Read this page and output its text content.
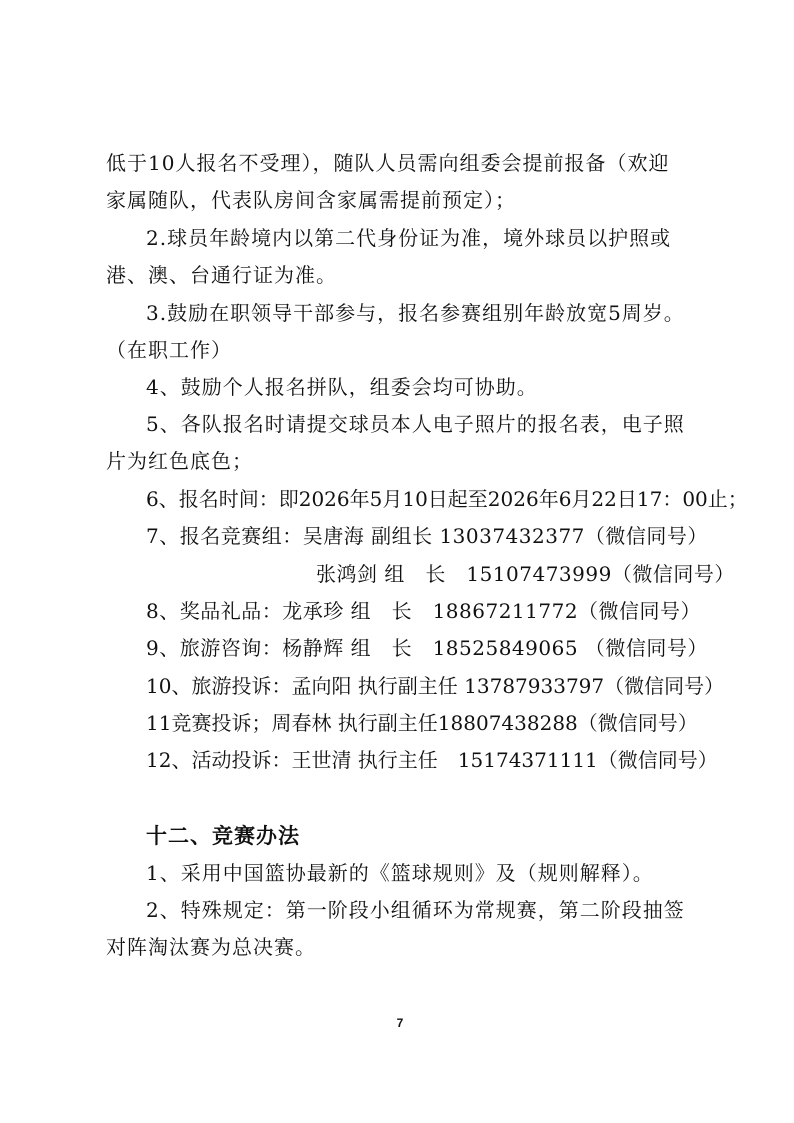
低于10人报名不受理），随队人员需向组委会提前报备（欢迎
家属随队，代表队房间含家属需提前预定）；
2.球员年龄境内以第二代身份证为准，境外球员以护照或
港、澳、台通行证为准。
3.鼓励在职领导干部参与，报名参赛组别年龄放宽5周岁。
（在职工作）
4、鼓励个人报名拼队，组委会均可协助。
5、各队报名时请提交球员本人电子照片的报名表，电子照
片为红色底色；
6、报名时间：即2026年5月10日起至2026年6月22日17：00止；
7、报名竞赛组：吴唐海 副组长 13037432377（微信同号）
张鸿剑 组　长　15107473999（微信同号）
8、奖品礼品：龙承珍 组　长　18867211772（微信同号）
9、旅游咨询：杨静辉 组　长　18525849065 （微信同号）
10、旅游投诉：孟向阳 执行副主任 13787933797（微信同号）
11竞赛投诉；周春林 执行副主任18807438288（微信同号）
12、活动投诉：王世清 执行主任　15174371111（微信同号）
十二、竞赛办法
1、采用中国篮协最新的《篮球规则》及（规则解释）。
2、特殊规定：第一阶段小组循环为常规赛，第二阶段抽签
对阵淘汰赛为总决赛。
7
